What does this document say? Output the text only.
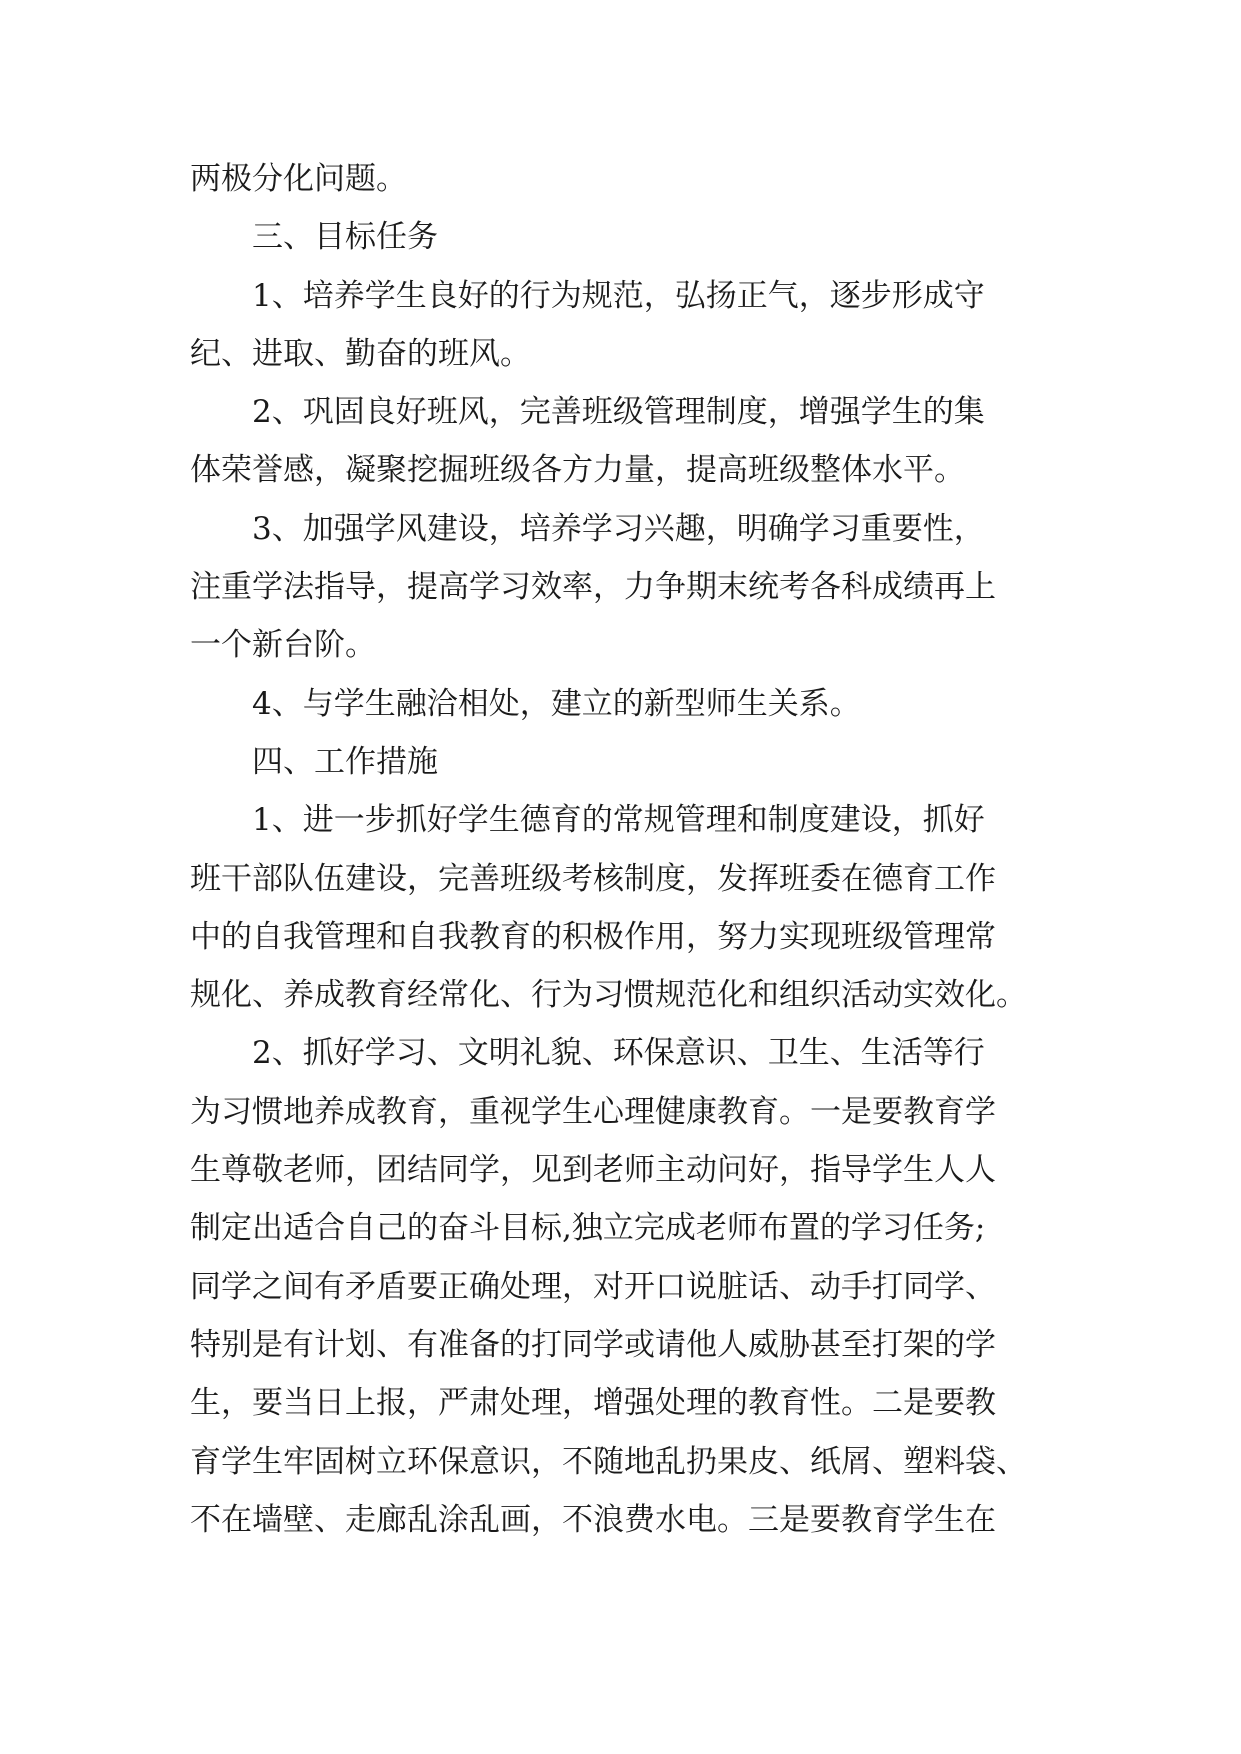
两极分化问题。
三、目标任务
1、培养学生良好的行为规范，弘扬正气，逐步形成守
纪、进取、勤奋的班风。
2、巩固良好班风，完善班级管理制度，增强学生的集
体荣誉感，凝聚挖掘班级各方力量，提高班级整体水平。
3、加强学风建设，培养学习兴趣，明确学习重要性，
注重学法指导，提高学习效率，力争期末统考各科成绩再上
一个新台阶。
4、与学生融洽相处，建立的新型师生关系。
四、工作措施
1、进一步抓好学生德育的常规管理和制度建设，抓好
班干部队伍建设，完善班级考核制度，发挥班委在德育工作
中的自我管理和自我教育的积极作用，努力实现班级管理常
规化、养成教育经常化、行为习惯规范化和组织活动实效化。
2、抓好学习、文明礼貌、环保意识、卫生、生活等行
为习惯地养成教育，重视学生心理健康教育。一是要教育学
生尊敬老师，团结同学，见到老师主动问好，指导学生人人
制定出适合自己的奋斗目标,独立完成老师布置的学习任务;
同学之间有矛盾要正确处理，对开口说脏话、动手打同学、
特别是有计划、有准备的打同学或请他人威胁甚至打架的学
生，要当日上报，严肃处理，增强处理的教育性。二是要教
育学生牢固树立环保意识，不随地乱扔果皮、纸屑、塑料袋、
不在墙壁、走廊乱涂乱画，不浪费水电。三是要教育学生在
